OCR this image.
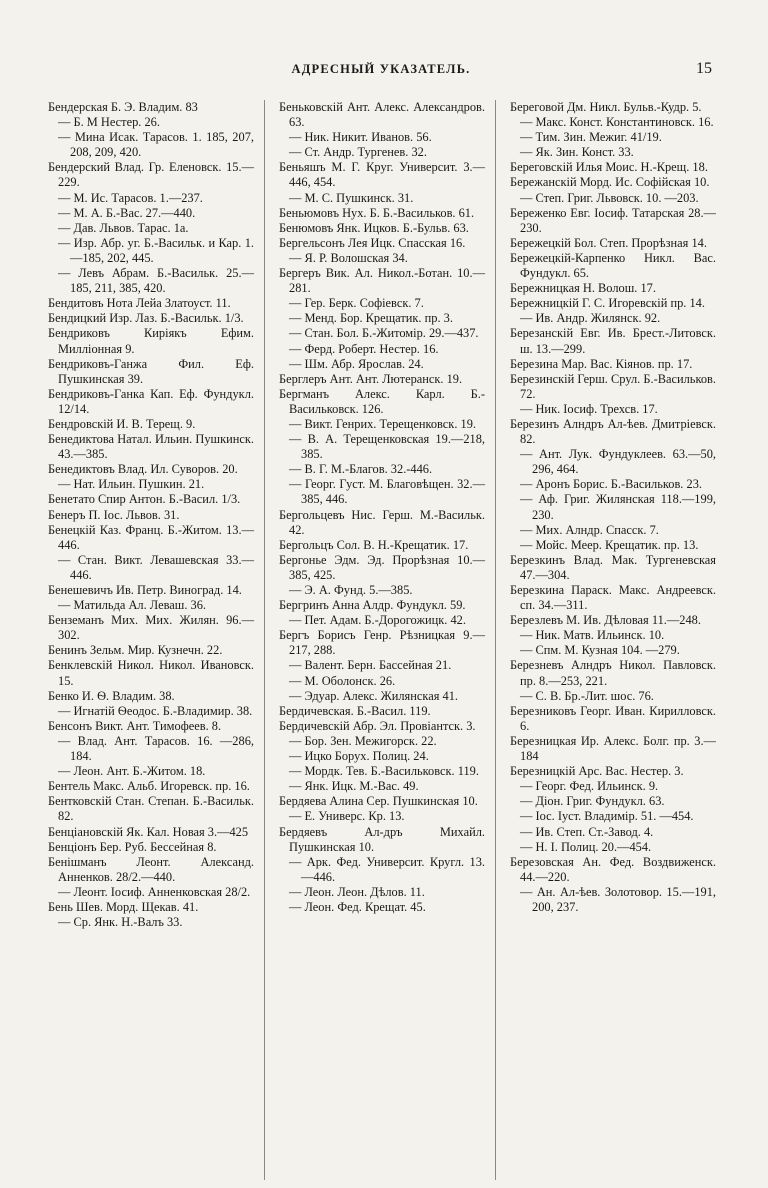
АДРЕСНЫЙ УКАЗАТЕЛЬ.	15

Бендерская Б. Э. Владим. 83

— Б. М Нестер. 26.

— Мина Исак. Тарасов. 1. 185, 207, 208, 209, 420.

Бендерский Влад. Гр. Еленовск. 15.—229.

— М. Ис. Тарасов. 1.—237.

— М. А. Б.-Вас. 27.—440.

— Дав. Львов. Тарас. 1а.

— Изр. Абр. уг. Б.-Васильк. и Кар. 1.—185, 202, 445.

— Левъ Абрам. Б.-Васильк. 25.—185, 211, 385, 420.

Бендитовъ Нота Лейа Златоуст. 11.

Бендицкий Изр. Лаз. Б.-Васильк. 1/3.

Бендриковъ Киріякъ Ефим. Миллiонная 9.

Бендриковъ-Ганжа Фил. Еф. Пушкинская 39.

Бендриковъ-Ганка Кап. Еф. Фундукл. 12/14.

Бендровскій И. В. Терещ. 9.

Бенедиктова Натал. Ильин. Пушкинск. 43.—385.

Бенедиктовъ Влад. Ил. Суворов. 20.

— Нат. Ильин. Пушкин. 21.

Бенетато Спир Антон. Б.-Васил. 1/3.

Бенеръ П. Іос. Львов. 31.

Бенецкій Каз. Франц. Б.-Житом. 13.—446.

— Стан. Викт. Левашевская 33.—446.

Бенешевичъ Ив. Петр. Виноград. 14.

— Матильда Ал. Леваш. 36.

Бенземанъ Мих. Мих. Жилян. 96.—302.

Бенинъ Зельм. Мир. Кузнечн. 22.

Бенклевскій Никол. Никол. Ивановск. 15.

Бенко И. Ѳ. Владим. 38.

— Игнатій Ѳеодос. Б.-Владимир. 38.

Бенсонъ Викт. Ант. Тимофеев. 8.

— Влад. Ант. Тарасов. 16. —286, 184.

— Леон. Ант. Б.-Житом. 18.

Бентель Макс. Альб. Игоревск. пр. 16.

Бентковскій Стан. Степан. Б.-Васильк. 82.

Бенціановскій Як. Кал. Новая 3.—425

Бенціонъ Бер. Руб. Бессейная 8.

Бенішманъ Леонт. Александ. Анненков. 28/2.—440.

— Леонт. Іосиф. Анненковская 28/2.

Бень Шев. Морд. Щекав. 41.

— Ср. Янк. Н.-Валъ 33.

Беньковскій Ант. Алекс. Александров. 63.

— Ник. Никит. Иванов. 56.

— Ст. Андр. Тургенев. 32.

Беньяшъ М. Г. Круг. Университ. 3.—446, 454.

— М. С. Пушкинск. 31.

Беньюмовъ Нух. Б. Б.-Васильков. 61.

Бенюмовъ Янк. Ицков. Б.-Бульв. 63.

Бергельсонъ Лея Ицк. Спасская 16.

— Я. Р. Волошская 34.

Бергеръ Вик. Ал. Никол.-Ботан. 10.—281.

— Гер. Берк. Софіевск. 7.

— Менд. Бор. Крещатик. пр. 3.

— Стан. Бол. Б.-Житомір. 29.—437.

— Ферд. Роберт. Нестер. 16.

— Шм. Абр. Ярослав. 24.

Берглеръ Ант. Ант. Лютеранск. 19.

Бергманъ Алекс. Карл. Б.-Васильковск. 126.

— Викт. Генрих. Терещенковск. 19.

— В. А. Терещенковская 19.—218, 385.

— В. Г. М.-Благов. 32.-446.

— Георг. Густ. М. Благовѣщен. 32.—385, 446.

Бергольцевъ Нис. Герш. М.-Васильк. 42.

Бергольцъ Сол. В. Н.-Крещатик. 17.

Бергонье Эдм. Эд. Прорѣзная 10.—385, 425.

— Э. А. Фунд. 5.—385.

Бергринъ Анна Алдр. Фундукл. 59.

— Пет. Адам. Б.-Дорогожицк. 42.

Бергъ Борисъ Генр. Рѣзницкая 9.—217, 288.

— Валент. Берн. Бассейная 21.

— М. Оболонск. 26.

— Эдуар. Алекс. Жилянская 41.

Бердичевская. Б.-Васил. 119.

Бердичевскій Абр. Эл. Провіантск. 3.

— Бор. Зен. Межигорск. 22.

— Ицко Борух. Полиц. 24.

— Мордк. Тев. Б.-Васильковск. 119.

— Янк. Ицк. М.-Вас. 49.

Бердяева Алина Сер. Пушкинская 10.

— Е. Универс. Кр. 13.

Бердяевъ Ал-дръ Михайл. Пушкинская 10.

— Арк. Фед. Университ. Кругл. 13.—446.

— Леон. Леон. Дѣлов. 11.

— Леон. Фед. Крещат. 45.

Береговой Дм. Никл. Бульв.-Кудр. 5.

— Макс. Конст. Константиновск. 16.

— Тим. Зин. Межиг. 41/19.

— Як. Зин. Конст. 33.

Береговскій Илья Моис. Н.-Крещ. 18.

Бережанскій Морд. Ис. Софійская 10.

— Степ. Григ. Львовск. 10. —203.

Береженко Евг. Іосиф. Татарская 28.—230.

Бережецкій Бол. Степ. Прорѣзная 14.

Бережецкій-Карпенко Никл. Вас. Фундукл. 65.

Бережницкая Н. Волош. 17.

Бережницкій Г. С. Игоревскій пр. 14.

— Ив. Андр. Жилянск. 92.

Березанскій Евг. Ив. Брест.-Литовск. ш. 13.—299.

Березина Мар. Вас. Кіянов. пр. 17.

Березинскій Герш. Срул. Б.-Васильков. 72.

— Ник. Іосиф. Трехсв. 17.

Березинъ Алндръ Ал-ѣев. Дмитріевск. 82.

— Ант. Лук. Фундуклеев. 63.—50, 296, 464.

— Аронъ Борис. Б.-Васильков. 23.

— Аф. Григ. Жилянская 118.—199, 230.

— Мих. Алндр. Спасск. 7.

— Мойс. Меер. Крещатик. пр. 13.

Березкинъ Влад. Мак. Тургеневская 47.—304.

Березкина Параск. Макс. Андреевск. сп. 34.—311.

Березлевъ М. Ив. Дѣловая 11.—248.

— Ник. Матв. Ильинск. 10.

— Спм. М. Кузная 104. —279.

Березневъ Алндръ Никол. Павловск. пр. 8.—253, 221.

— С. В. Бр.-Лит. шос. 76.

Березниковъ Георг. Иван. Кирилловск. 6.

Березницкая Ир. Алекс. Болг. пр. 3.—184

Березницкій Арс. Вас. Нестер. 3.

— Георг. Фед. Ильинск. 9.

— Діон. Григ. Фундукл. 63.

— Іос. Іуст. Владимір. 51. —454.

— Ив. Степ. Ст.-Завод. 4.

— Н. І. Полиц. 20.—454.

Березовская Ан. Фед. Воздвиженск. 44.—220.

— Ан. Ал-ѣев. Золотовор. 15.—191, 200, 237.
